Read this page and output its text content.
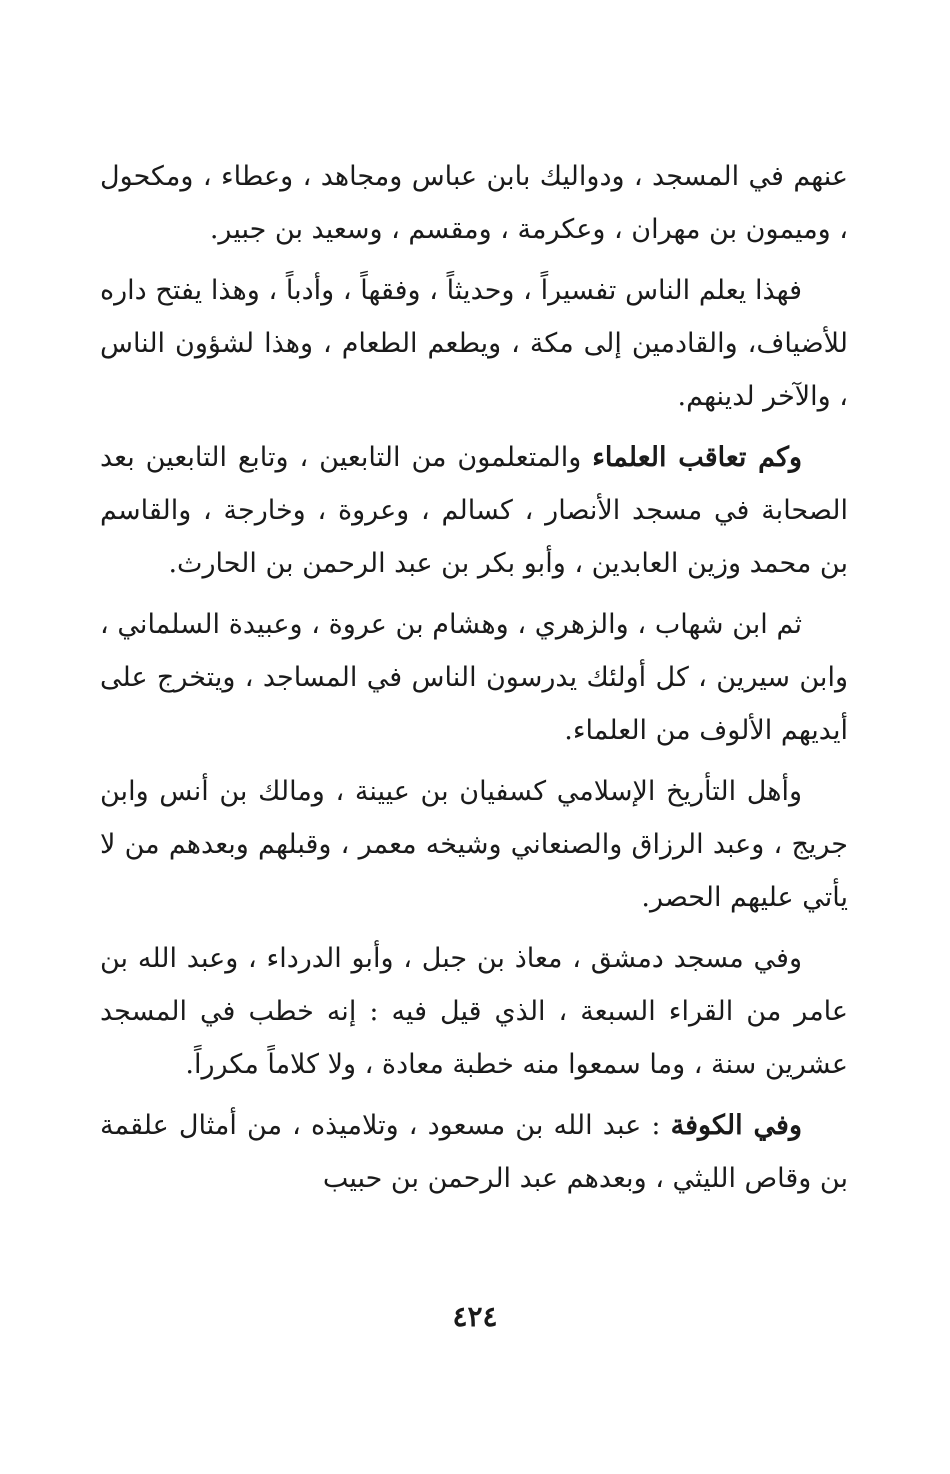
عنهم في المسجد ، ودواليك بابن عباس ومجاهد ، وعطاء ، ومكحول ، وميمون بن مهران ، وعكرمة ، ومقسم ، وسعيد بن جبير.

فهذا يعلم الناس تفسيراً ، وحديثاً ، وفقهاً ، وأدباً ، وهذا يفتح داره للأضياف، والقادمين إلى مكة ، ويطعم الطعام ، وهذا لشؤون الناس ، والآخر لدينهم.

وكم تعاقب العلماء والمتعلمون من التابعين ، وتابع التابعين بعد الصحابة في مسجد الأنصار ، كسالم ، وعروة ، وخارجة ، والقاسم بن محمد وزين العابدين ، وأبو بكر بن عبد الرحمن بن الحارث.

ثم ابن شهاب ، والزهري ، وهشام بن عروة ، وعبيدة السلماني ، وابن سيرين ، كل أولئك يدرسون الناس في المساجد ، ويتخرج على أيديهم الألوف من العلماء.

وأهل التأريخ الإسلامي كسفيان بن عيينة ، ومالك بن أنس وابن جريج ، وعبد الرزاق والصنعاني وشيخه معمر ، وقبلهم وبعدهم من لا يأتي عليهم الحصر.

وفي مسجد دمشق ، معاذ بن جبل ، وأبو الدرداء ، وعبد الله بن عامر من القراء السبعة ، الذي قيل فيه : إنه خطب في المسجد عشرين سنة ، وما سمعوا منه خطبة معادة ، ولا كلاماً مكرراً.

وفي الكوفة : عبد الله بن مسعود ، وتلاميذه ، من أمثال علقمة بن وقاص الليثي ، وبعدهم عبد الرحمن بن حبيب

٤٢٤
